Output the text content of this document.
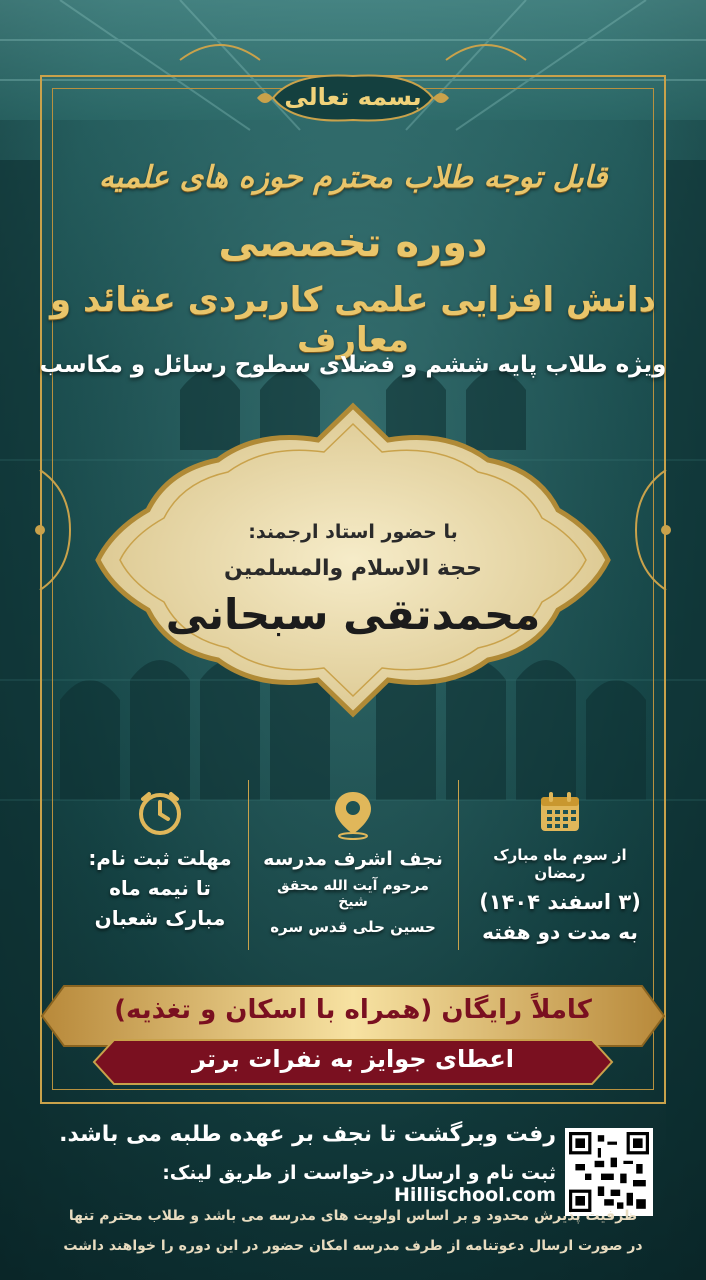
بسمه تعالی
قابل توجه طلاب محترم حوزه های علمیه
دوره تخصصی
دانش افزایی علمی کاربردی عقائد و معارف
ویژه طلاب پایه ششم و فضلای سطوح رسائل و مکاسب
با حضور استاد ارجمند:
حجة الاسلام والمسلمین
محمدتقی سبحانی
از سوم ماه مبارک رمضان
(۳ اسفند ۱۴۰۴)
به مدت دو هفته
نجف اشرف مدرسه
مرحوم آیت الله محقق شیخ
حسین حلی قدس سره
مهلت ثبت نام:
تا نیمه ماه
مبارک شعبان
کاملاً رایگان (همراه با اسکان و تغذیه)
اعطای جوایز به نفرات برتر
رفت وبرگشت تا نجف بر عهده طلبه می باشد.
ثبت نام و ارسال درخواست از طریق لینک: Hillischool.com
ظرفیت پذیرش محدود و بر اساس اولویت های مدرسه می باشد و طلاب محترم تنها
در صورت ارسال دعوتنامه از طرف مدرسه امکان حضور در این دوره را خواهند داشت
